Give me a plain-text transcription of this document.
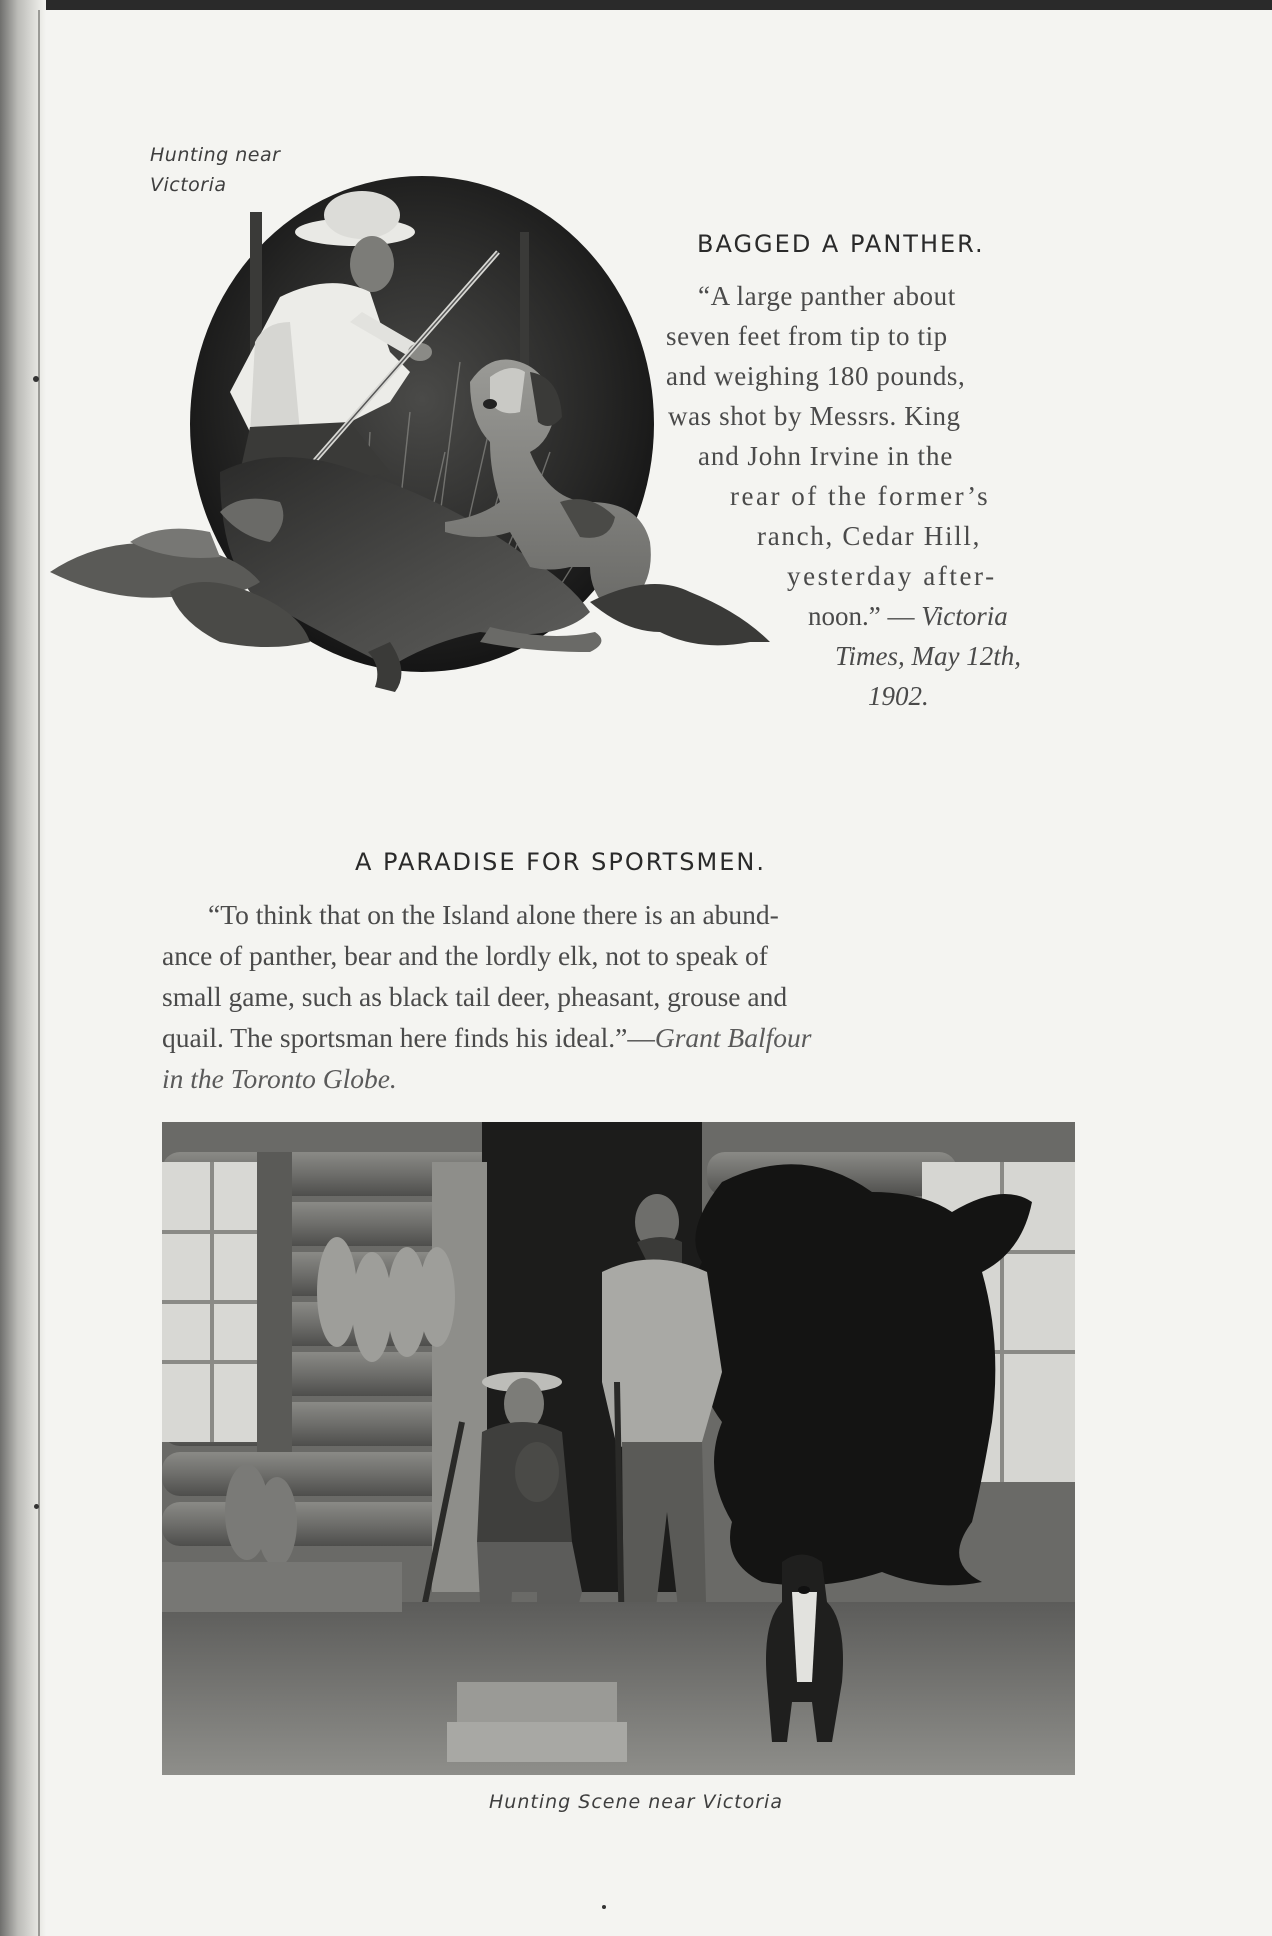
Hunting near
Victoria
BAGGED A PANTHER.
“A large panther about
seven feet from tip to tip
and weighing 180 pounds,
was shot by Messrs. King
and John Irvine in the
rear of the former’s
ranch, Cedar Hill,
yesterday after-
noon.” — Victoria
Times, May 12th,
1902.
A PARADISE FOR SPORTSMEN.
“To think that on the Island alone there is an abund-
ance of panther, bear and the lordly elk, not to speak of
small game, such as black tail deer, pheasant, grouse and
quail. The sportsman here finds his ideal.”—Grant Balfour
in the Toronto Globe.
Hunting Scene near Victoria
